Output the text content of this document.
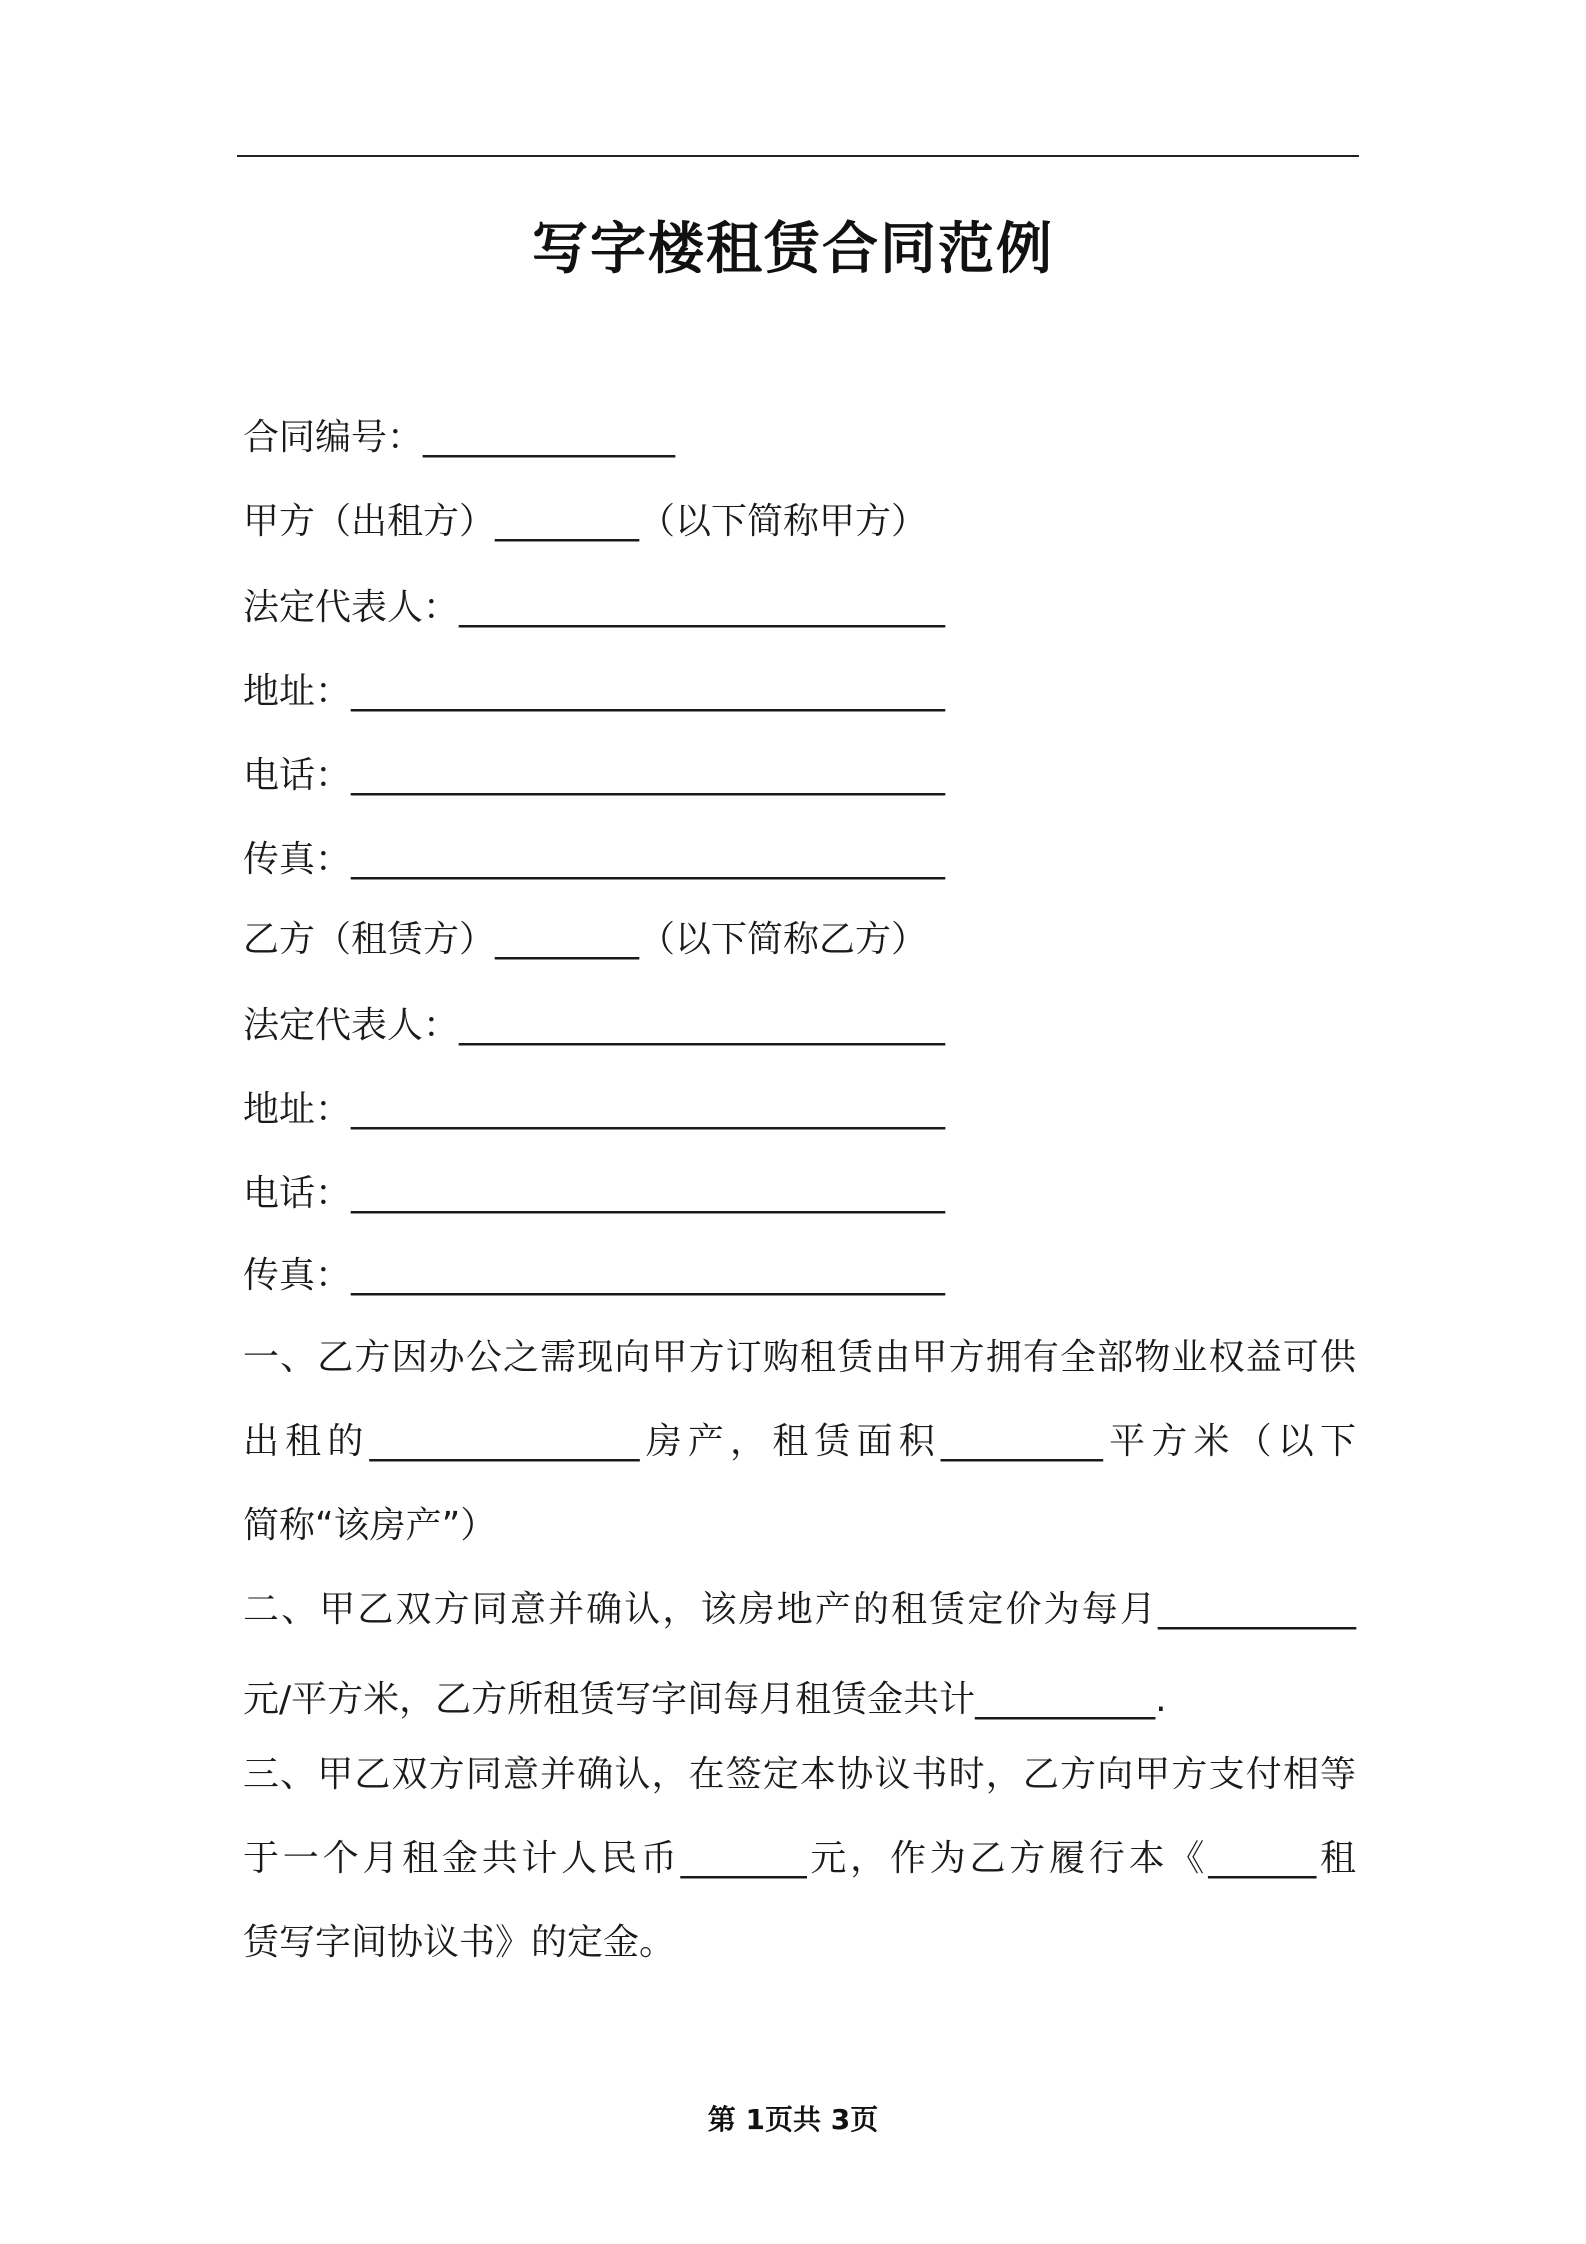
写字楼租赁合同范例
合同编号：______________
甲方（出租方）________（以下简称甲方）
法定代表人：___________________________
地址：_________________________________
电话：_________________________________
传真：_________________________________
乙方（租赁方）________（以下简称乙方）
法定代表人：___________________________
地址：_________________________________
电话：_________________________________
传真：_________________________________
一、乙方因办公之需现向甲方订购租赁由甲方拥有全部物业权益可供
出租的_______________房产，租赁面积_________平方米（以下
简称“该房产”）
二、甲乙双方同意并确认，该房地产的租赁定价为每月___________
元/平方米，乙方所租赁写字间每月租赁金共计__________.
三、甲乙双方同意并确认，在签定本协议书时，乙方向甲方支付相等
于一个月租金共计人民币_______元，作为乙方履行本《______租
赁写字间协议书》的定金。
第 1页共 3页
